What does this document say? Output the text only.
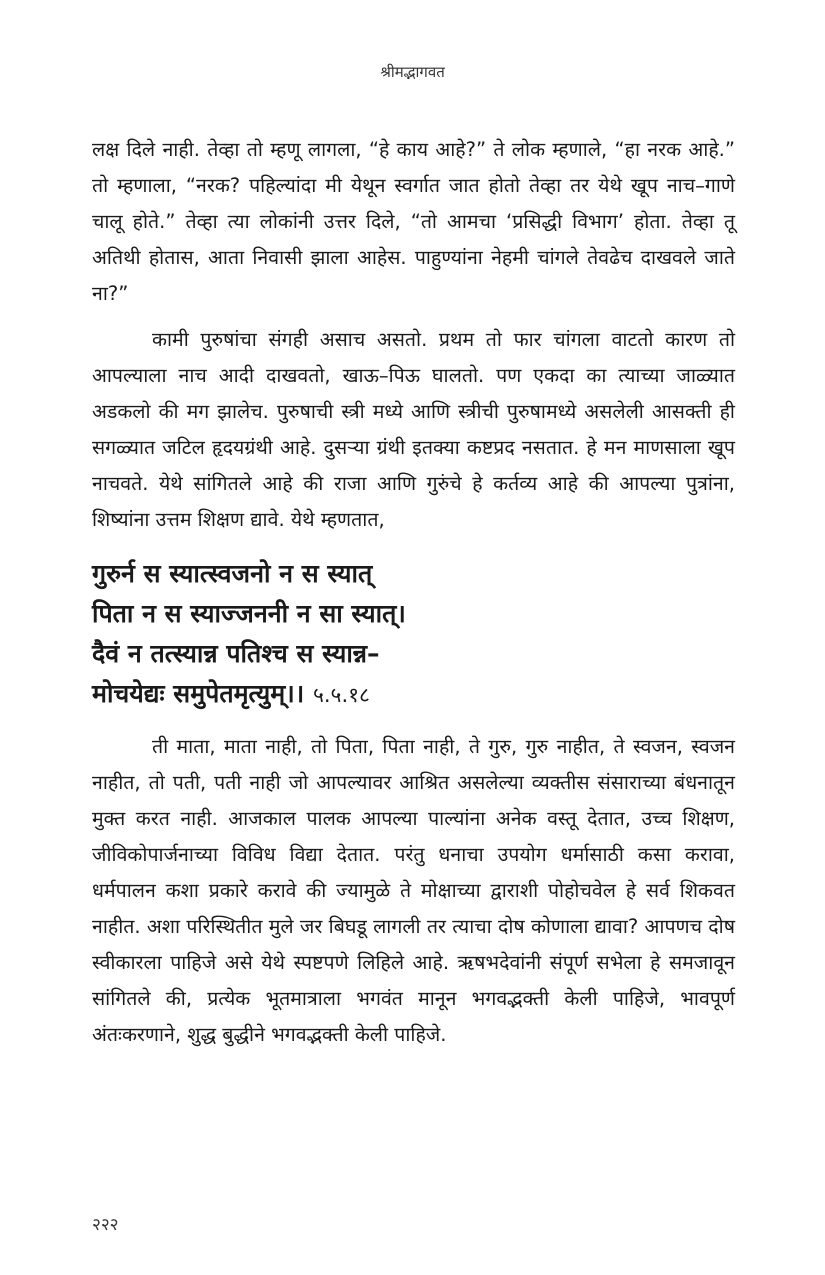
श्रीमद्भागवत

लक्ष दिले नाही. तेव्हा तो म्हणू लागला, “हे काय आहे?” ते लोक म्हणाले, “हा नरक आहे.” तो म्हणाला, “नरक? पहिल्यांदा मी येथून स्वर्गात जात होतो तेव्हा तर येथे खूप नाच–गाणे चालू होते.” तेव्हा त्या लोकांनी उत्तर दिले, “तो आमचा ‘प्रसिद्धी विभाग’ होता. तेव्हा तू अतिथी होतास, आता निवासी झाला आहेस. पाहुण्यांना नेहमी चांगले तेवढेच दाखवले जाते ना?”

कामी पुरुषांचा संगही असाच असतो. प्रथम तो फार चांगला वाटतो कारण तो आपल्याला नाच आदी दाखवतो, खाऊ–पिऊ घालतो. पण एकदा का त्याच्या जाळ्यात अडकलो की मग झालेच. पुरुषाची स्त्री मध्ये आणि स्त्रीची पुरुषामध्ये असलेली आसक्ती ही सगळ्यात जटिल हृदयग्रंथी आहे. दुसऱ्या ग्रंथी इतक्या कष्टप्रद नसतात. हे मन माणसाला खूप नाचवते. येथे सांगितले आहे की राजा आणि गुरुंचे हे कर्तव्य आहे की आपल्या पुत्रांना, शिष्यांना उत्तम शिक्षण द्यावे. येथे म्हणतात,

गुरुर्न स स्यात्स्वजनो न स स्यात्
पिता न स स्याज्जननी न सा स्यात्।
दैवं न तत्स्यान्न पतिश्च स स्यान्न–
मोचयेद्यः समुपेतमृत्युम्।। ५.५.१८

ती माता, माता नाही, तो पिता, पिता नाही, ते गुरु, गुरु नाहीत, ते स्वजन, स्वजन नाहीत, तो पती, पती नाही जो आपल्यावर आश्रित असलेल्या व्यक्तीस संसाराच्या बंधनातून मुक्त करत नाही. आजकाल पालक आपल्या पाल्यांना अनेक वस्तू देतात, उच्च शिक्षण, जीविकोपार्जनाच्या विविध विद्या देतात. परंतु धनाचा उपयोग धर्मासाठी कसा करावा, धर्मपालन कशा प्रकारे करावे की ज्यामुळे ते मोक्षाच्या द्वाराशी पोहोचवेल हे सर्व शिकवत नाहीत. अशा परिस्थितीत मुले जर बिघडू लागली तर त्याचा दोष कोणाला द्यावा? आपणच दोष स्वीकारला पाहिजे असे येथे स्पष्टपणे लिहिले आहे. ऋषभदेवांनी संपूर्ण सभेला हे समजावून सांगितले की, प्रत्येक भूतमात्राला भगवंत मानून भगवद्भक्ती केली पाहिजे, भावपूर्ण अंतःकरणाने, शुद्ध बुद्धीने भगवद्भक्ती केली पाहिजे.

२२२
